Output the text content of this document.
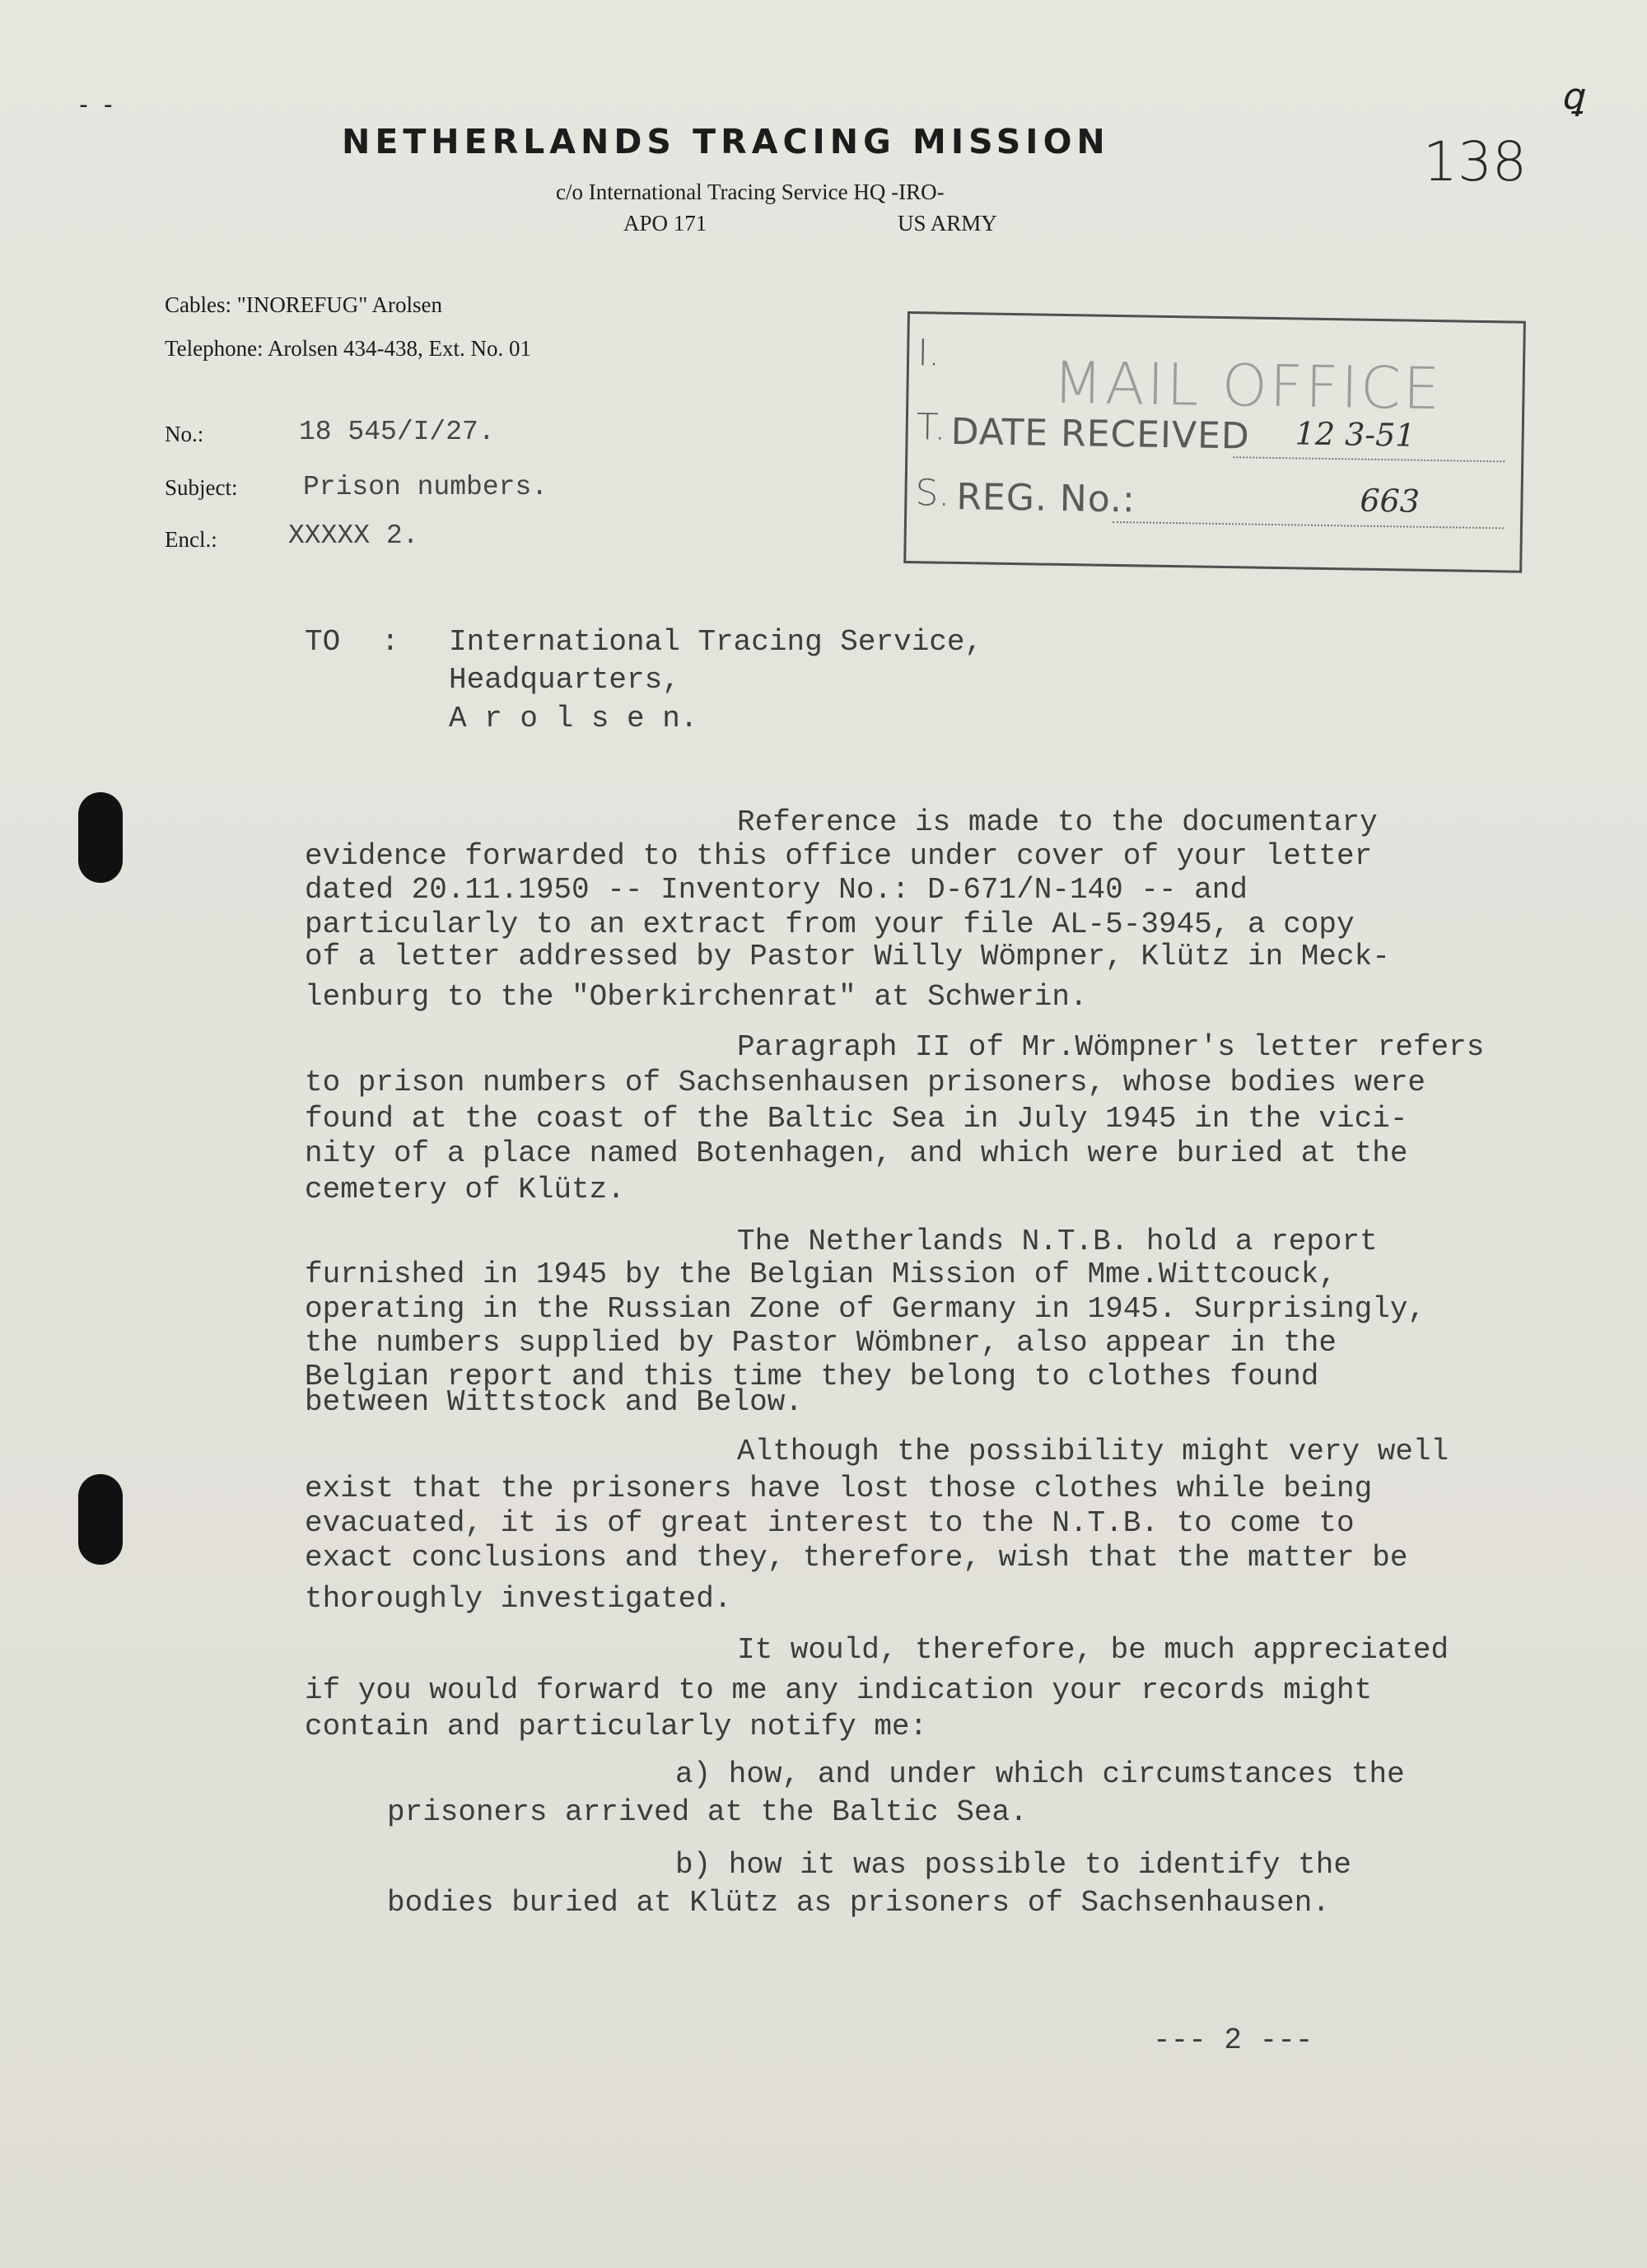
-  -
NETHERLANDS TRACING MISSION
c/o International Tracing Service HQ -IRO-
APO 171	US ARMY
138
ꝗ
Cables: "INOREFUG" Arolsen
Telephone: Arolsen 434-438, Ext. No. 01
No.:	18 545/I/27.
Subject: Prison numbers.
Encl.:	XXXXX 2.
I.
T.
S.
MAIL OFFICE
DATE RECEIVED 12 3-51
REG. No.:	663
TO : International Tracing Service,
Headquarters,
A r o l s e n.
Reference is made to the documentary
evidence forwarded to this office under cover of your letter
dated 20.11.1950 -- Inventory No.: D-671/N-140 -- and
particularly to an extract from your file AL-5-3945, a copy
of a letter addressed by Pastor Willy Wömpner, Klütz in Meck-
lenburg to the "Oberkirchenrat" at Schwerin.
Paragraph II of Mr.Wömpner's letter refers
to prison numbers of Sachsenhausen prisoners, whose bodies were
found at the coast of the Baltic Sea in July 1945 in the vici-
nity of a place named Botenhagen, and which were buried at the
cemetery of Klütz.
The Netherlands N.T.B. hold a report
furnished in 1945 by the Belgian Mission of Mme.Wittcouck,
operating in the Russian Zone of Germany in 1945. Surprisingly,
the numbers supplied by Pastor Wömbner, also appear in the
Belgian report and this time they belong to clothes found
between Wittstock and Below.
Although the possibility might very well
exist that the prisoners have lost those clothes while being
evacuated, it is of great interest to the N.T.B. to come to
exact conclusions and they, therefore, wish that the matter be
thoroughly investigated.
It would, therefore, be much appreciated
if you would forward to me any indication your records might
contain and particularly notify me:
a) how, and under which circumstances the
prisoners arrived at the Baltic Sea.
b) how it was possible to identify the
bodies buried at Klütz as prisoners of Sachsenhausen.
--- 2 ---
